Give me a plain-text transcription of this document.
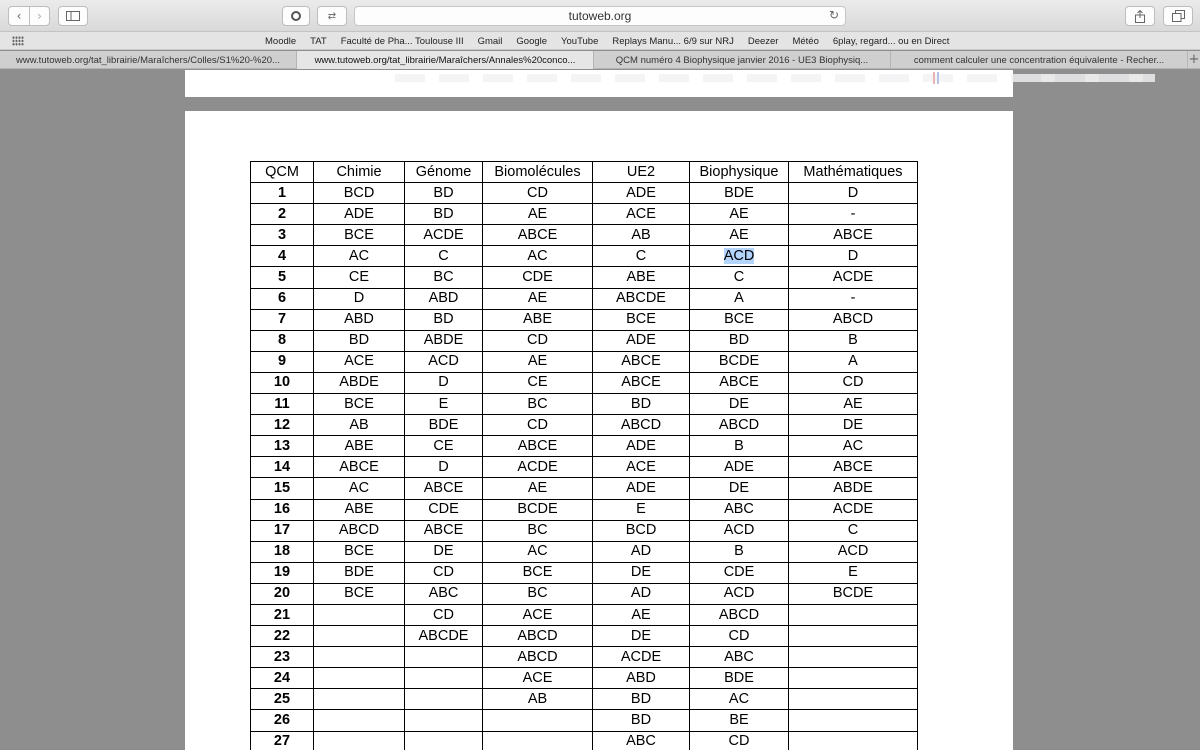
‹ ›	⇄	tutoweb.org	↻
Moodle	TAT	Faculté de Pha... Toulouse III	Gmail	Google	YouTube	Replays Manu... 6/9 sur NRJ	Deezer	Météo	6play, regard... ou en Direct
www.tutoweb.org/tat_librairie/Maraîchers/Colles/S1%20-%20...	www.tutoweb.org/tat_librairie/Maraîchers/Annales%20conco...	QCM numéro 4 Biophysique janvier 2016 - UE3 Biophysiq...	comment calculer une concentration équivalente - Recher...	+
QCM	Chimie	Génome	Biomolécules	UE2	Biophysique	Mathématiques
1	BCD	BD	CD	ADE	BDE	D
2	ADE	BD	AE	ACE	AE	-
3	BCE	ACDE	ABCE	AB	AE	ABCE
4	AC	C	AC	C	ACD	D
5	CE	BC	CDE	ABE	C	ACDE
6	D	ABD	AE	ABCDE	A	-
7	ABD	BD	ABE	BCE	BCE	ABCD
8	BD	ABDE	CD	ADE	BD	B
9	ACE	ACD	AE	ABCE	BCDE	A
10	ABDE	D	CE	ABCE	ABCE	CD
11	BCE	E	BC	BD	DE	AE
12	AB	BDE	CD	ABCD	ABCD	DE
13	ABE	CE	ABCE	ADE	B	AC
14	ABCE	D	ACDE	ACE	ADE	ABCE
15	AC	ABCE	AE	ADE	DE	ABDE
16	ABE	CDE	BCDE	E	ABC	ACDE
17	ABCD	ABCE	BC	BCD	ACD	C
18	BCE	DE	AC	AD	B	ACD
19	BDE	CD	BCE	DE	CDE	E
20	BCE	ABC	BC	AD	ACD	BCDE
21		CD	ACE	AE	ABCD	
22		ABCDE	ABCD	DE	CD	
23			ABCD	ACDE	ABC	
24			ACE	ABD	BDE	
25			AB	BD	AC	
26				BD	BE	
27				ABC	CD	
